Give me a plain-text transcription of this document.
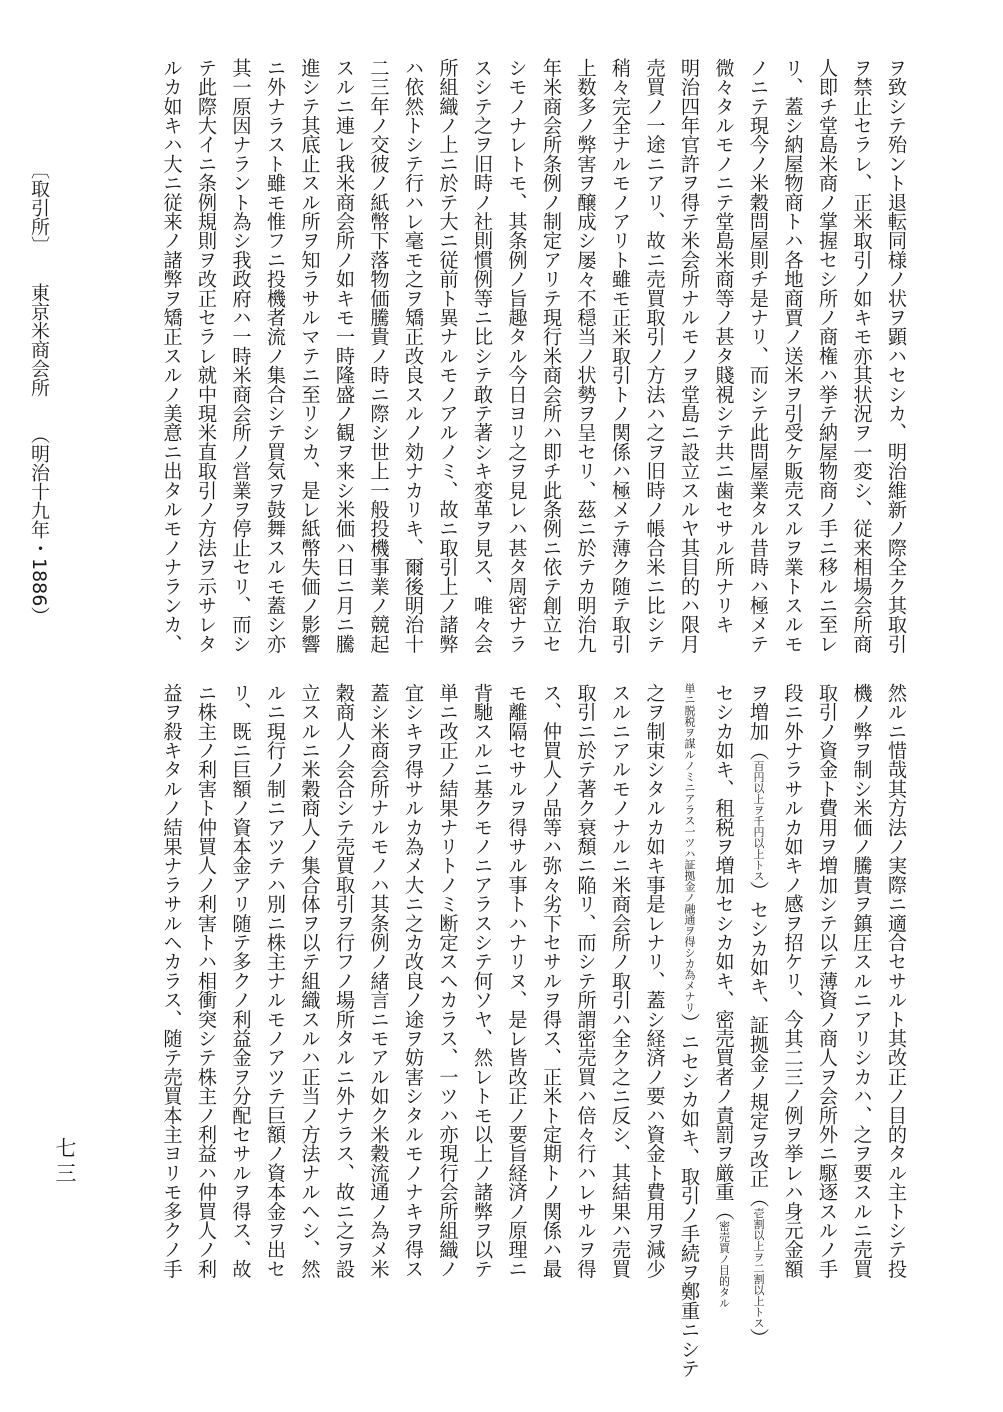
ヲ致シテ殆ント退転同様ノ状ヲ顕ハセシカ、明治維新ノ際全ク其取引
ヲ禁止セラレ、正米取引ノ如キモ亦其状況ヲ一変シ、従来相場会所商
人即チ堂島米商ノ掌握セシ所ノ商権ハ挙テ納屋物商ノ手ニ移ルニ至レ
リ、蓋シ納屋物商トハ各地商賈ノ送米ヲ引受ケ販売スルヲ業トスルモ
ノニテ現今ノ米穀問屋則チ是ナリ、而シテ此問屋業タル昔時ハ極メテ
微々タルモノニテ堂島米商等ノ甚タ賤視シテ共ニ歯セサル所ナリキ
明治四年官許ヲ得テ米会所ナルモノヲ堂島ニ設立スルヤ其目的ハ限月
売買ノ一途ニアリ、故ニ売買取引ノ方法ハ之ヲ旧時ノ帳合米ニ比シテ
稍々完全ナルモノアリト雖モ正米取引トノ関係ハ極メテ薄ク随テ取引
上数多ノ弊害ヲ醸成シ屡々不穏当ノ状勢ヲ呈セリ、茲ニ於テカ明治九
年米商会所条例ノ制定アリテ現行米商会所ハ即チ此条例ニ依テ創立セ
シモノナレトモ、其条例ノ旨趣タル今日ヨリ之ヲ見レハ甚タ周密ナラ
スシテ之ヲ旧時ノ社則慣例等ニ比シテ敢テ著シキ変革ヲ見ス、唯々会
所組織ノ上ニ於テ大ニ従前ト異ナルモノアルノミ、故ニ取引上ノ諸弊
ハ依然トシテ行ハレ毫モ之ヲ矯正改良スルノ効ナカリキ、爾後明治十
二三年ノ交彼ノ紙幣下落物価騰貴ノ時ニ際シ世上一般投機事業ノ競起
スルニ連レ我米商会所ノ如キモ一時隆盛ノ観ヲ来シ米価ハ日ニ月ニ騰
進シテ其底止スル所ヲ知ラサルマテニ至リシカ、是レ紙幣失価ノ影響
ニ外ナラスト雖モ惟フニ投機者流ノ集合シテ買気ヲ鼓舞スルモ蓋シ亦
其一原因ナラント為シ我政府ハ一時米商会所ノ営業ヲ停止セリ、而シ
テ此際大イニ条例規則ヲ改正セラレ就中現米直取引ノ方法ヲ示サレタ
ルカ如キハ大ニ従来ノ諸弊ヲ矯正スルノ美意ニ出タルモノナランカ、
然ルニ惜哉其方法ノ実際ニ適合セサルト其改正ノ目的タル主トシテ投
機ノ弊ヲ制シ米価ノ騰貴ヲ鎮圧スルニアリシカハ、之ヲ要スルニ売買
取引ノ資金ト費用ヲ増加シテ以テ薄資ノ商人ヲ会所外ニ駆逐スルノ手
段ニ外ナラサルカ如キノ感ヲ招ケリ、今其二三ノ例ヲ挙レハ身元金額
ヲ増加（百円以上ヲ千円以上トス）セシカ如キ、証拠金ノ規定ヲ改正（壱割以上ヲ二割以上トス）
セシカ如キ、租税ヲ増加セシカ如キ、密売買者ノ責罰ヲ厳重（密売買ノ目的タル
単ニ脱税ヲ謀ルノミニアラス一ツハ証拠金ノ融通ヲ得シカ為メナリ）ニセシカ如キ、取引ノ手続ヲ鄭重ニシテ
之ヲ制束シタルカ如キ事是レナリ、蓋シ経済ノ要ハ資金ト費用ヲ減少
スルニアルモノナルニ米商会所ノ取引ハ全ク之ニ反シ、其結果ハ売買
取引ニ於テ著ク衰頽ニ陥リ、而シテ所謂密売買ハ倍々行ハレサルヲ得
ス、仲買人ノ品等ハ弥々劣下セサルヲ得ス、正米ト定期トノ関係ハ最
モ離隔セサルヲ得サル事トハナリヌ、是レ皆改正ノ要旨経済ノ原理ニ
背馳スルニ基クモノニアラスシテ何ソヤ、然レトモ以上ノ諸弊ヲ以テ
単ニ改正ノ結果ナリトノミ断定スヘカラス、一ツハ亦現行会所組織ノ
宜シキヲ得サルカ為メ大ニ之カ改良ノ途ヲ妨害シタルモノナキヲ得ス
蓋シ米商会所ナルモノハ其条例ノ緒言ニモアル如ク米穀流通ノ為メ米
穀商人ノ会合シテ売買取引ヲ行フノ場所タルニ外ナラス、故ニ之ヲ設
立スルニ米穀商人ノ集合体ヲ以テ組織スルハ正当ノ方法ナルヘシ、然
ルニ現行ノ制ニアツテハ別ニ株主ナルモノアツテ巨額ノ資本金ヲ出セ
リ、既ニ巨額ノ資本金アリ随テ多クノ利益金ヲ分配セサルヲ得ス、故
ニ株主ノ利害ト仲買人ノ利害トハ相衝突シテ株主ノ利益ハ仲買人ノ利
益ヲ殺キタルノ結果ナラサルヘカラス、随テ売買本主ヨリモ多クノ手
〔取引所〕 東京米商会所 （明治十九年・1886）
七三
